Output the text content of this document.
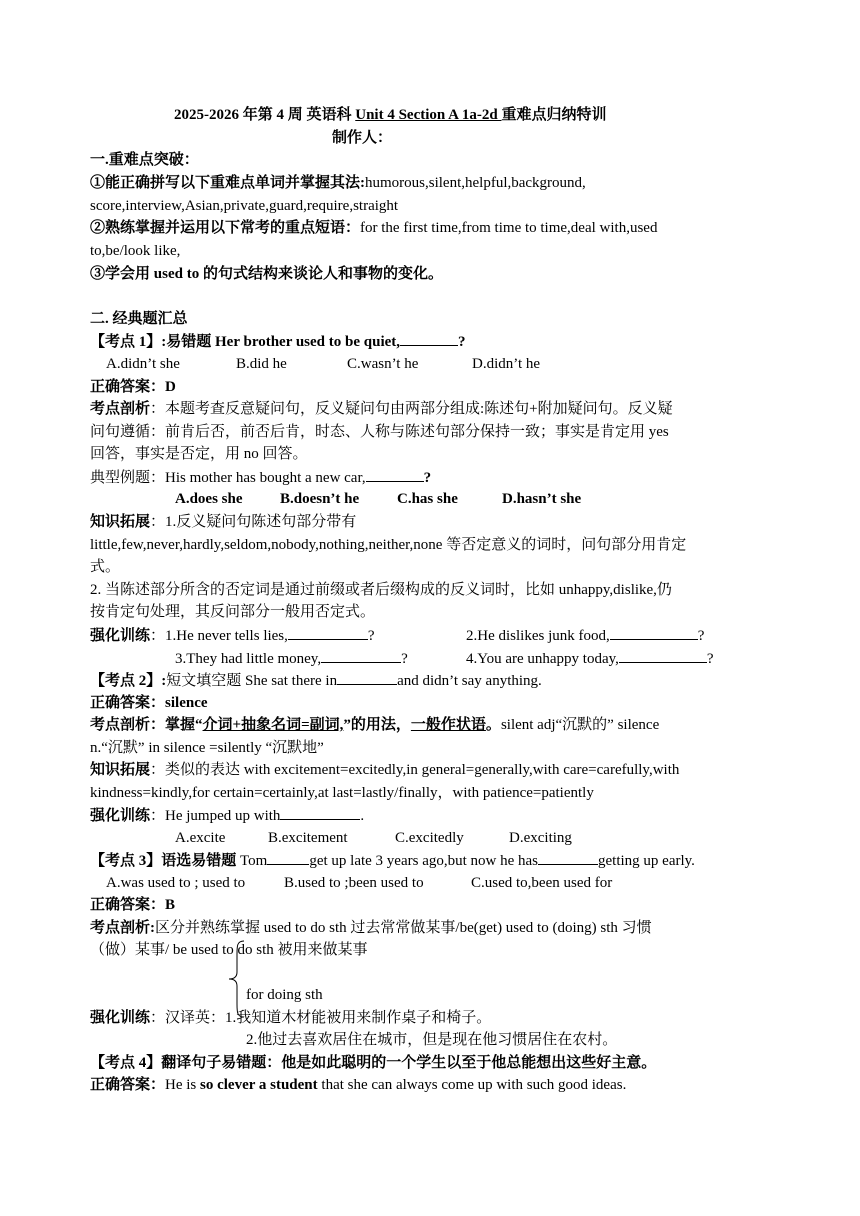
2025-2026 年第 4 周 英语科 Unit 4 Section A 1a-2d 重难点归纳特训
制作人：
一.重难点突破：
①能正确拼写以下重难点单词并掌握其法:humorous,silent,helpful,background,
score,interview,Asian,private,guard,require,straight
②熟练掌握并运用以下常考的重点短语：for the first time,from time to time,deal with,used
to,be/look like,
③学会用 used to 的句式结构来谈论人和事物的变化。
二. 经典题汇总
【考点 1】:易错题 Her brother used to be quiet,	?
A.didn’t she	B.did he	C.wasn’t he	D.didn’t he
正确答案：D
考点剖析：本题考查反意疑问句，反义疑问句由两部分组成:陈述句+附加疑问句。反义疑
问句遵循：前肯后否，前否后肯，时态、人称与陈述句部分保持一致；事实是肯定用 yes
回答，事实是否定，用 no 回答。
典型例题：His mother has bought a new car,	?
A.does she B.doesn’t he	C.has she	D.hasn’t she
知识拓展：1.反义疑问句陈述句部分带有
little,few,never,hardly,seldom,nobody,nothing,neither,none 等否定意义的词时，问句部分用肯定
式。
2. 当陈述部分所含的否定词是通过前缀或者后缀构成的反义词时，比如 unhappy,dislike,仍
按肯定句处理，其反问部分一般用否定式。
强化训练：1.He never tells lies,	?	2.He dislikes junk food,	?
3.They had little money,	?	4.You are unhappy today,	?
【考点 2】:短文填空题 She sat there in	and didn’t say anything.
正确答案：silence
考点剖析：掌握“介词+抽象名词=副词,”的用法，一般作状语。silent adj“沉默的” silence
n.“沉默” in silence =silently “沉默地”
知识拓展：类似的表达 with excitement=excitedly,in general=generally,with care=carefully,with
kindness=kindly,for certain=certainly,at last=lastly/finally，with patience=patiently
强化训练：He jumped up with	.
A.excite	B.excitement	C.excitedly	D.exciting
【考点 3】语选易错题 Tom	get up late 3 years ago,but now he has	getting up early.
A.was used to ; used to	B.used to ;been used to	C.used to,been used for
正确答案：B
考点剖析:区分并熟练掌握 used to do sth 过去常常做某事/be(get) used to (doing) sth 习惯
（做）某事/ be used to do sth 被用来做某事
for doing sth
强化训练：汉译英：1.我知道木材能被用来制作桌子和椅子。
2.他过去喜欢居住在城市，但是现在他习惯居住在农村。
【考点 4】翻译句子易错题：他是如此聪明的一个学生以至于他总能想出这些好主意。
正确答案：He is so clever a student that she can always come up with such good ideas.
